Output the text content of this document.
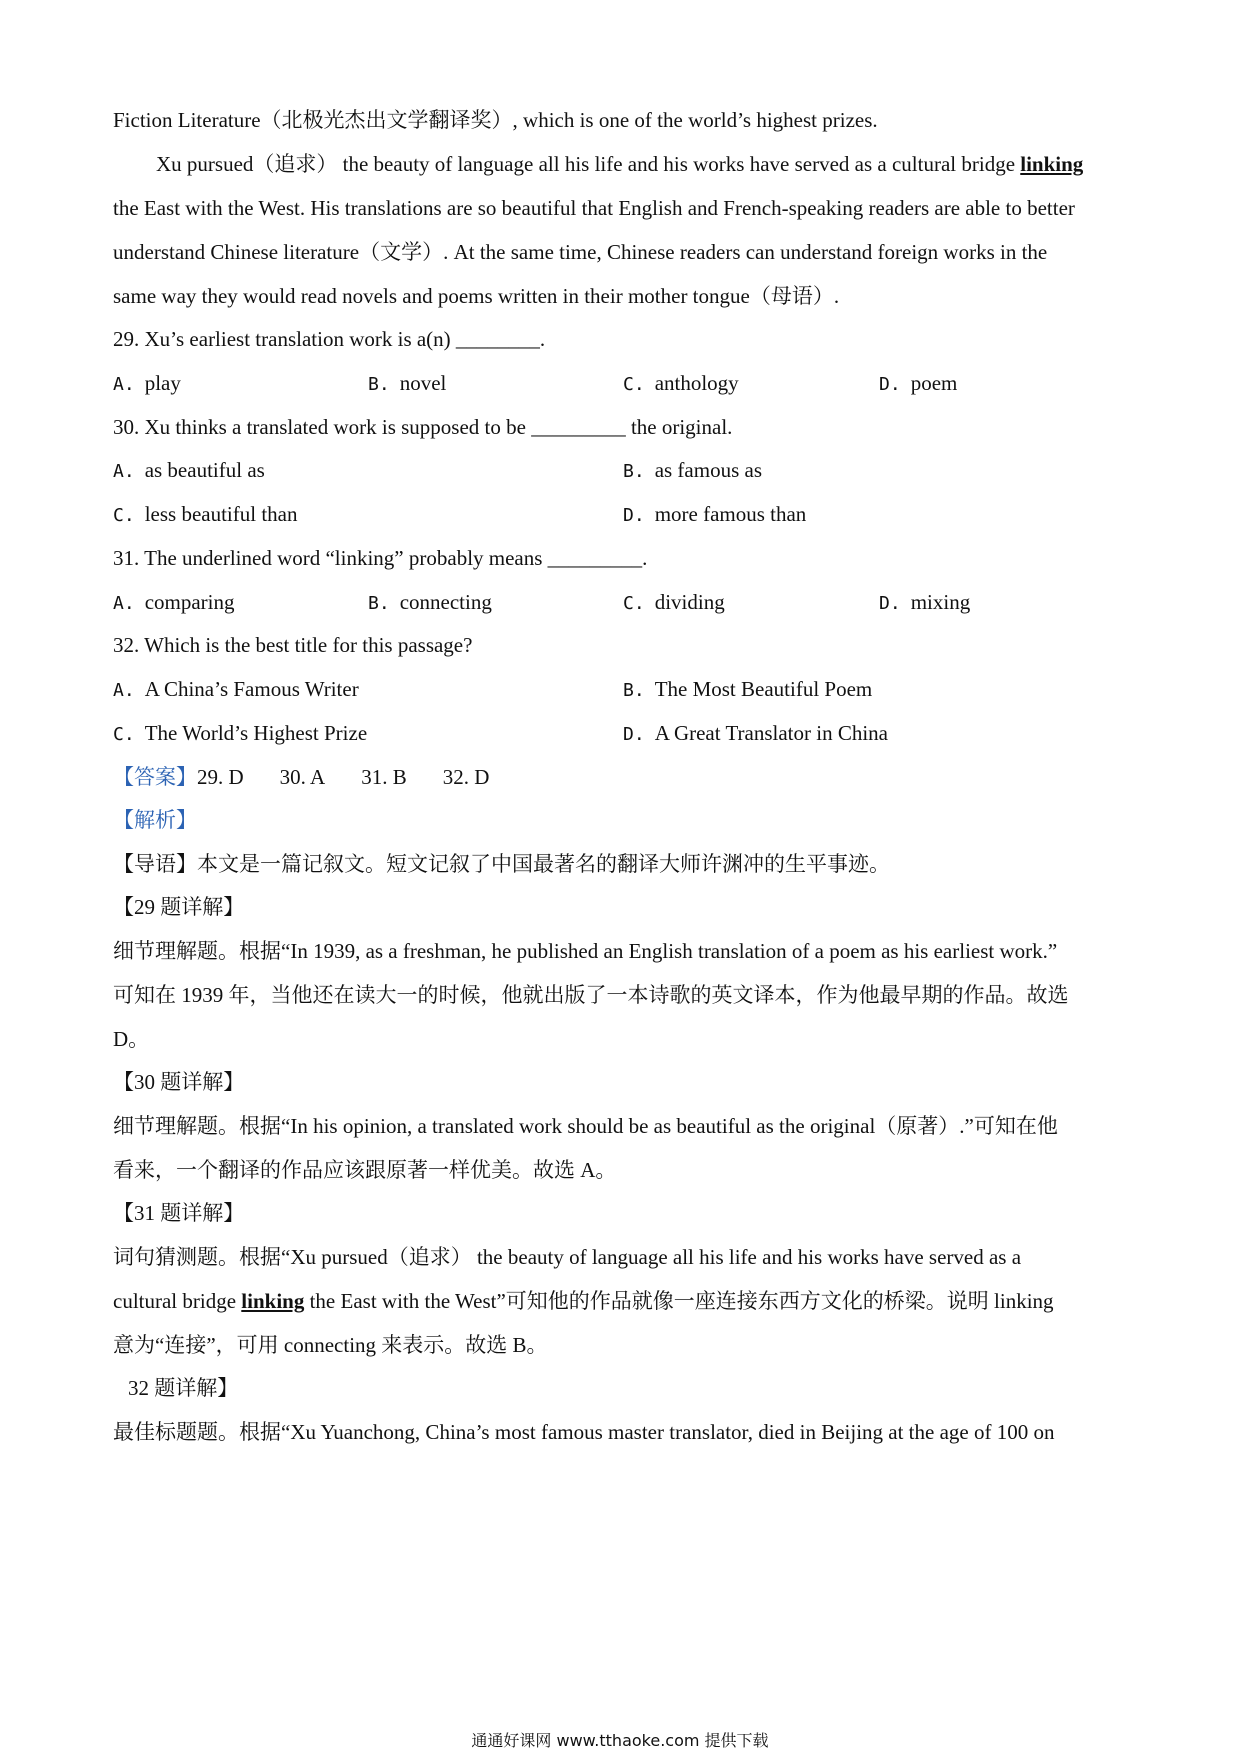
Fiction Literature（北极光杰出文学翻译奖）, which is one of the world’s highest prizes.
Xu pursued（追求） the beauty of language all his life and his works have served as a cultural bridge linking
the East with the West. His translations are so beautiful that English and French-speaking readers are able to better
understand Chinese literature（文学）. At the same time, Chinese readers can understand foreign works in the
same way they would read novels and poems written in their mother tongue（母语）.
29. Xu’s earliest translation work is a(n) ________.
A. play	B. novel	C. anthology	D. poem
30. Xu thinks a translated work is supposed to be _________ the original.
A. as beautiful as	B. as famous as
C. less beautiful than	D. more famous than
31. The underlined word “linking” probably means _________.
A. comparing	B. connecting	C. dividing	D. mixing
32. Which is the best title for this passage?
A. A China’s Famous Writer	B. The Most Beautiful Poem
C. The World’s Highest Prize	D. A Great Translator in China
【答案】29. D 30. A 31. B 32. D
【解析】
【导语】本文是一篇记叙文。短文记叙了中国最著名的翻译大师许渊冲的生平事迹。
【29 题详解】
细节理解题。根据“In 1939, as a freshman, he published an English translation of a poem as his earliest work.”
可知在 1939 年，当他还在读大一的时候，他就出版了一本诗歌的英文译本，作为他最早期的作品。故选
D。
【30 题详解】
细节理解题。根据“In his opinion, a translated work should be as beautiful as the original（原著）.”可知在他
看来，一个翻译的作品应该跟原著一样优美。故选 A。
【31 题详解】
词句猜测题。根据“Xu pursued（追求） the beauty of language all his life and his works have served as a
cultural bridge linking the East with the West”可知他的作品就像一座连接东西方文化的桥梁。说明 linking
意为“连接”，可用 connecting 来表示。故选 B。
32 题详解】
最佳标题题。根据“Xu Yuanchong, China’s most famous master translator, died in Beijing at the age of 100 on
通通好课网 www.tthaoke.com 提供下载
